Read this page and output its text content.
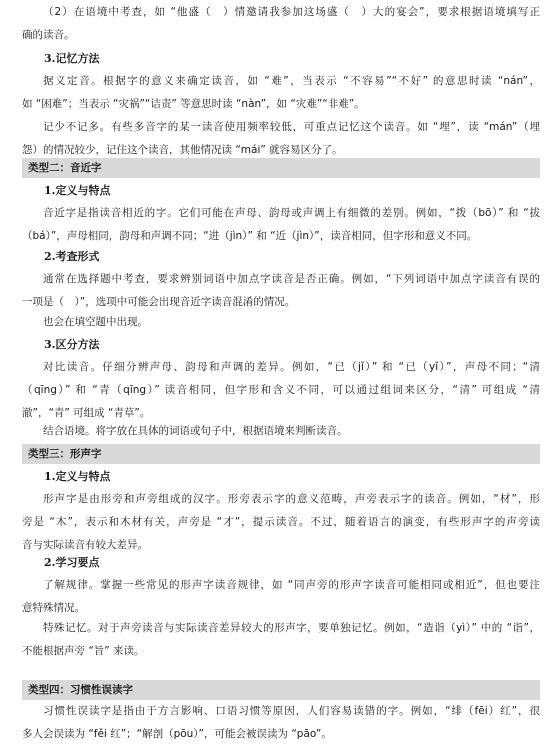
（2）在语境中考查，如 “他盛（　）情邀请我参加这场盛（　）大的宴会”，要求根据语境填写正
确的读音。
3.记忆方法
据义定音。根据字的意义来确定读音，如 “难”，当表示 “不容易”“不好” 的意思时读 “nán”，
如 “困难”；当表示 “灾祸”“诘责” 等意思时读 “nàn”，如 “灾难”“非难”。
记少不记多。有些多音字的某一读音使用频率较低，可重点记忆这个读音。如 “埋”，读 “mán”（埋
怨）的情况较少，记住这个读音，其他情况读 “mái” 就容易区分了。
类型二：音近字
1.定义与特点
音近字是指读音相近的字。它们可能在声母、韵母或声调上有细微的差别。例如，“拨（bō）” 和 “拔
（bá）”，声母相同，韵母和声调不同；“进（jìn）” 和 “近（jìn）”，读音相同，但字形和意义不同。
2.考查形式
通常在选择题中考查，要求辨别词语中加点字读音是否正确。例如，“下列词语中加点字读音有误的
一项是（　）”，选项中可能会出现音近字读音混淆的情况。
也会在填空题中出现。
3.区分方法
对比读音。仔细分辨声母、韵母和声调的差异。例如，“已（jǐ）” 和 “已（yǐ）”，声母不同；“清
（qīng）” 和 “青（qīng）” 读音相同，但字形和含义不同，可以通过组词来区分，“清” 可组成 “清
澈”，“青” 可组成 “青草”。
结合语境。将字放在具体的词语或句子中，根据语境来判断读音。
类型三：形声字
1.定义与特点
形声字是由形旁和声旁组成的汉字。形旁表示字的意义范畴，声旁表示字的读音。例如，“材”，形
旁是 “木”，表示和木材有关，声旁是 “才”，提示读音。不过，随着语言的演变，有些形声字的声旁读
音与实际读音有较大差异。
2.学习要点
了解规律。掌握一些常见的形声字读音规律，如 “同声旁的形声字读音可能相同或相近”，但也要注
意特殊情况。
特殊记忆。对于声旁读音与实际读音差异较大的形声字，要单独记忆。例如，“造诣（yì）” 中的 “诣”，
不能根据声旁 “旨” 来读。
类型四：习惯性误读字
习惯性误读字是指由于方言影响、口语习惯等原因，人们容易读错的字。例如，“绯（fēi）红”，很
多人会误读为 “fěi 红”；“解剖（pōu）”，可能会被误读为 “pāo”。
